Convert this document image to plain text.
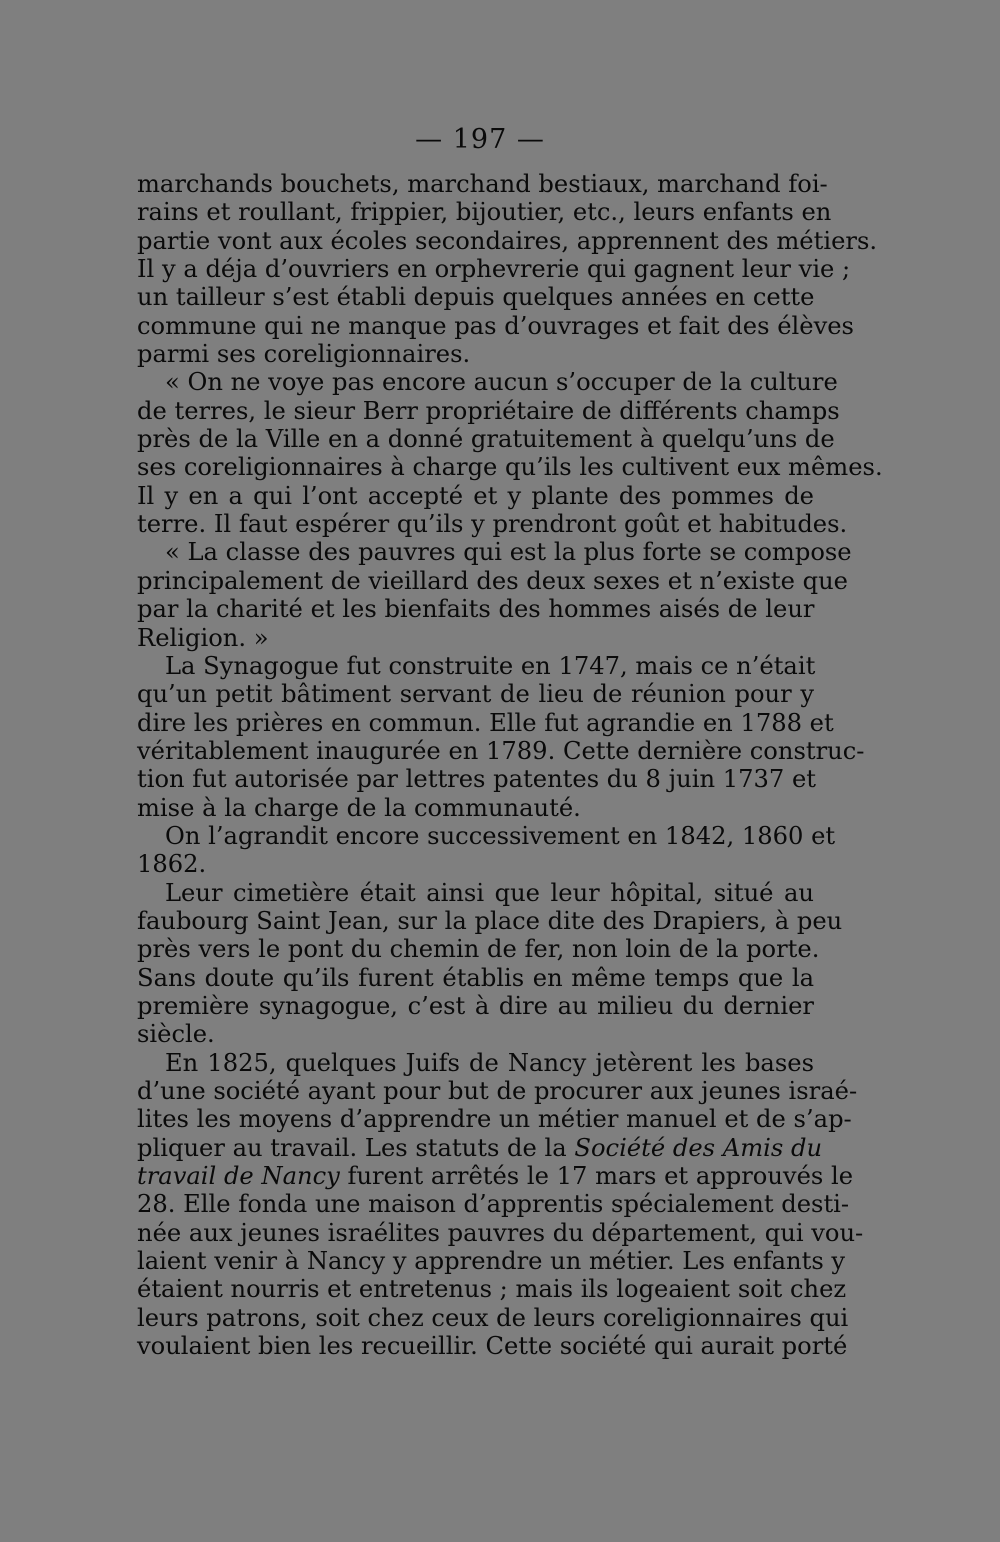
— 197 —
marchands bouchets, marchand bestiaux, marchand foi-
rains et roullant, frippier, bijoutier, etc., leurs enfants en
partie vont aux écoles secondaires, apprennent des métiers.
Il y a déja d’ouvriers en orphevrerie qui gagnent leur vie ;
un tailleur s’est établi depuis quelques années en cette
commune qui ne manque pas d’ouvrages et fait des élèves
parmi ses coreligionnaires.
« On ne voye pas encore aucun s’occuper de la culture
de terres, le sieur Berr propriétaire de différents champs
près de la Ville en a donné gratuitement à quelqu’uns de
ses coreligionnaires à charge qu’ils les cultivent eux mêmes.
Il y en a qui l’ont accepté et y plante des pommes de
terre. Il faut espérer qu’ils y prendront goût et habitudes.
« La classe des pauvres qui est la plus forte se compose
principalement de vieillard des deux sexes et n’existe que
par la charité et les bienfaits des hommes aisés de leur
Religion. »
La Synagogue fut construite en 1747, mais ce n’était
qu’un petit bâtiment servant de lieu de réunion pour y
dire les prières en commun. Elle fut agrandie en 1788 et
véritablement inaugurée en 1789. Cette dernière construc-
tion fut autorisée par lettres patentes du 8 juin 1737 et
mise à la charge de la communauté.
On l’agrandit encore successivement en 1842, 1860 et
1862.
Leur cimetière était ainsi que leur hôpital, situé au
faubourg Saint Jean, sur la place dite des Drapiers, à peu
près vers le pont du chemin de fer, non loin de la porte.
Sans doute qu’ils furent établis en même temps que la
première synagogue, c’est à dire au milieu du dernier
siècle.
En 1825, quelques Juifs de Nancy jetèrent les bases
d’une société ayant pour but de procurer aux jeunes israé-
lites les moyens d’apprendre un métier manuel et de s’ap-
pliquer au travail. Les statuts de la Société des Amis du
travail de Nancy furent arrêtés le 17 mars et approuvés le
28. Elle fonda une maison d’apprentis spécialement desti-
née aux jeunes israélites pauvres du département, qui vou-
laient venir à Nancy y apprendre un métier. Les enfants y
étaient nourris et entretenus ; mais ils logeaient soit chez
leurs patrons, soit chez ceux de leurs coreligionnaires qui
voulaient bien les recueillir. Cette société qui aurait porté
